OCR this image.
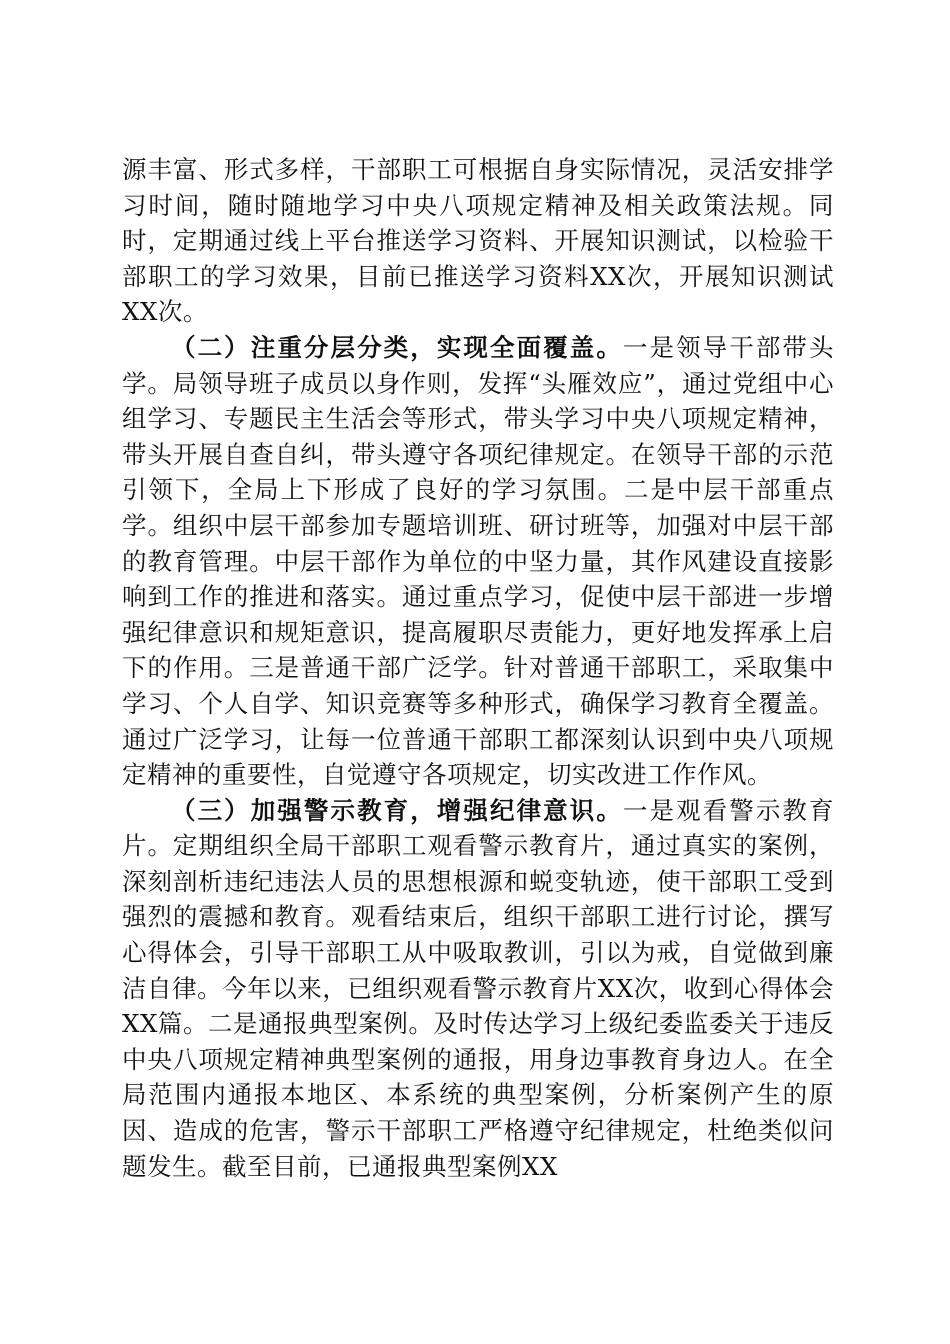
源丰富、形式多样，干部职工可根据自身实际情况，灵活安排学习时间，随时随地学习中央八项规定精神及相关政策法规。同时，定期通过线上平台推送学习资料、开展知识测试，以检验干部职工的学习效果，目前已推送学习资料XX次，开展知识测试XX次。

（二）注重分层分类，实现全面覆盖。一是领导干部带头学。局领导班子成员以身作则，发挥“头雁效应”，通过党组中心组学习、专题民主生活会等形式，带头学习中央八项规定精神，带头开展自查自纠，带头遵守各项纪律规定。在领导干部的示范引领下，全局上下形成了良好的学习氛围。二是中层干部重点学。组织中层干部参加专题培训班、研讨班等，加强对中层干部的教育管理。中层干部作为单位的中坚力量，其作风建设直接影响到工作的推进和落实。通过重点学习，促使中层干部进一步增强纪律意识和规矩意识，提高履职尽责能力，更好地发挥承上启下的作用。三是普通干部广泛学。针对普通干部职工，采取集中学习、个人自学、知识竞赛等多种形式，确保学习教育全覆盖。通过广泛学习，让每一位普通干部职工都深刻认识到中央八项规定精神的重要性，自觉遵守各项规定，切实改进工作作风。

（三）加强警示教育，增强纪律意识。一是观看警示教育片。定期组织全局干部职工观看警示教育片，通过真实的案例，深刻剖析违纪违法人员的思想根源和蜕变轨迹，使干部职工受到强烈的震撼和教育。观看结束后，组织干部职工进行讨论，撰写心得体会，引导干部职工从中吸取教训，引以为戒，自觉做到廉洁自律。今年以来，已组织观看警示教育片XX次，收到心得体会XX篇。二是通报典型案例。及时传达学习上级纪委监委关于违反中央八项规定精神典型案例的通报，用身边事教育身边人。在全局范围内通报本地区、本系统的典型案例，分析案例产生的原因、造成的危害，警示干部职工严格遵守纪律规定，杜绝类似问题发生。截至目前，已通报典型案例XX
